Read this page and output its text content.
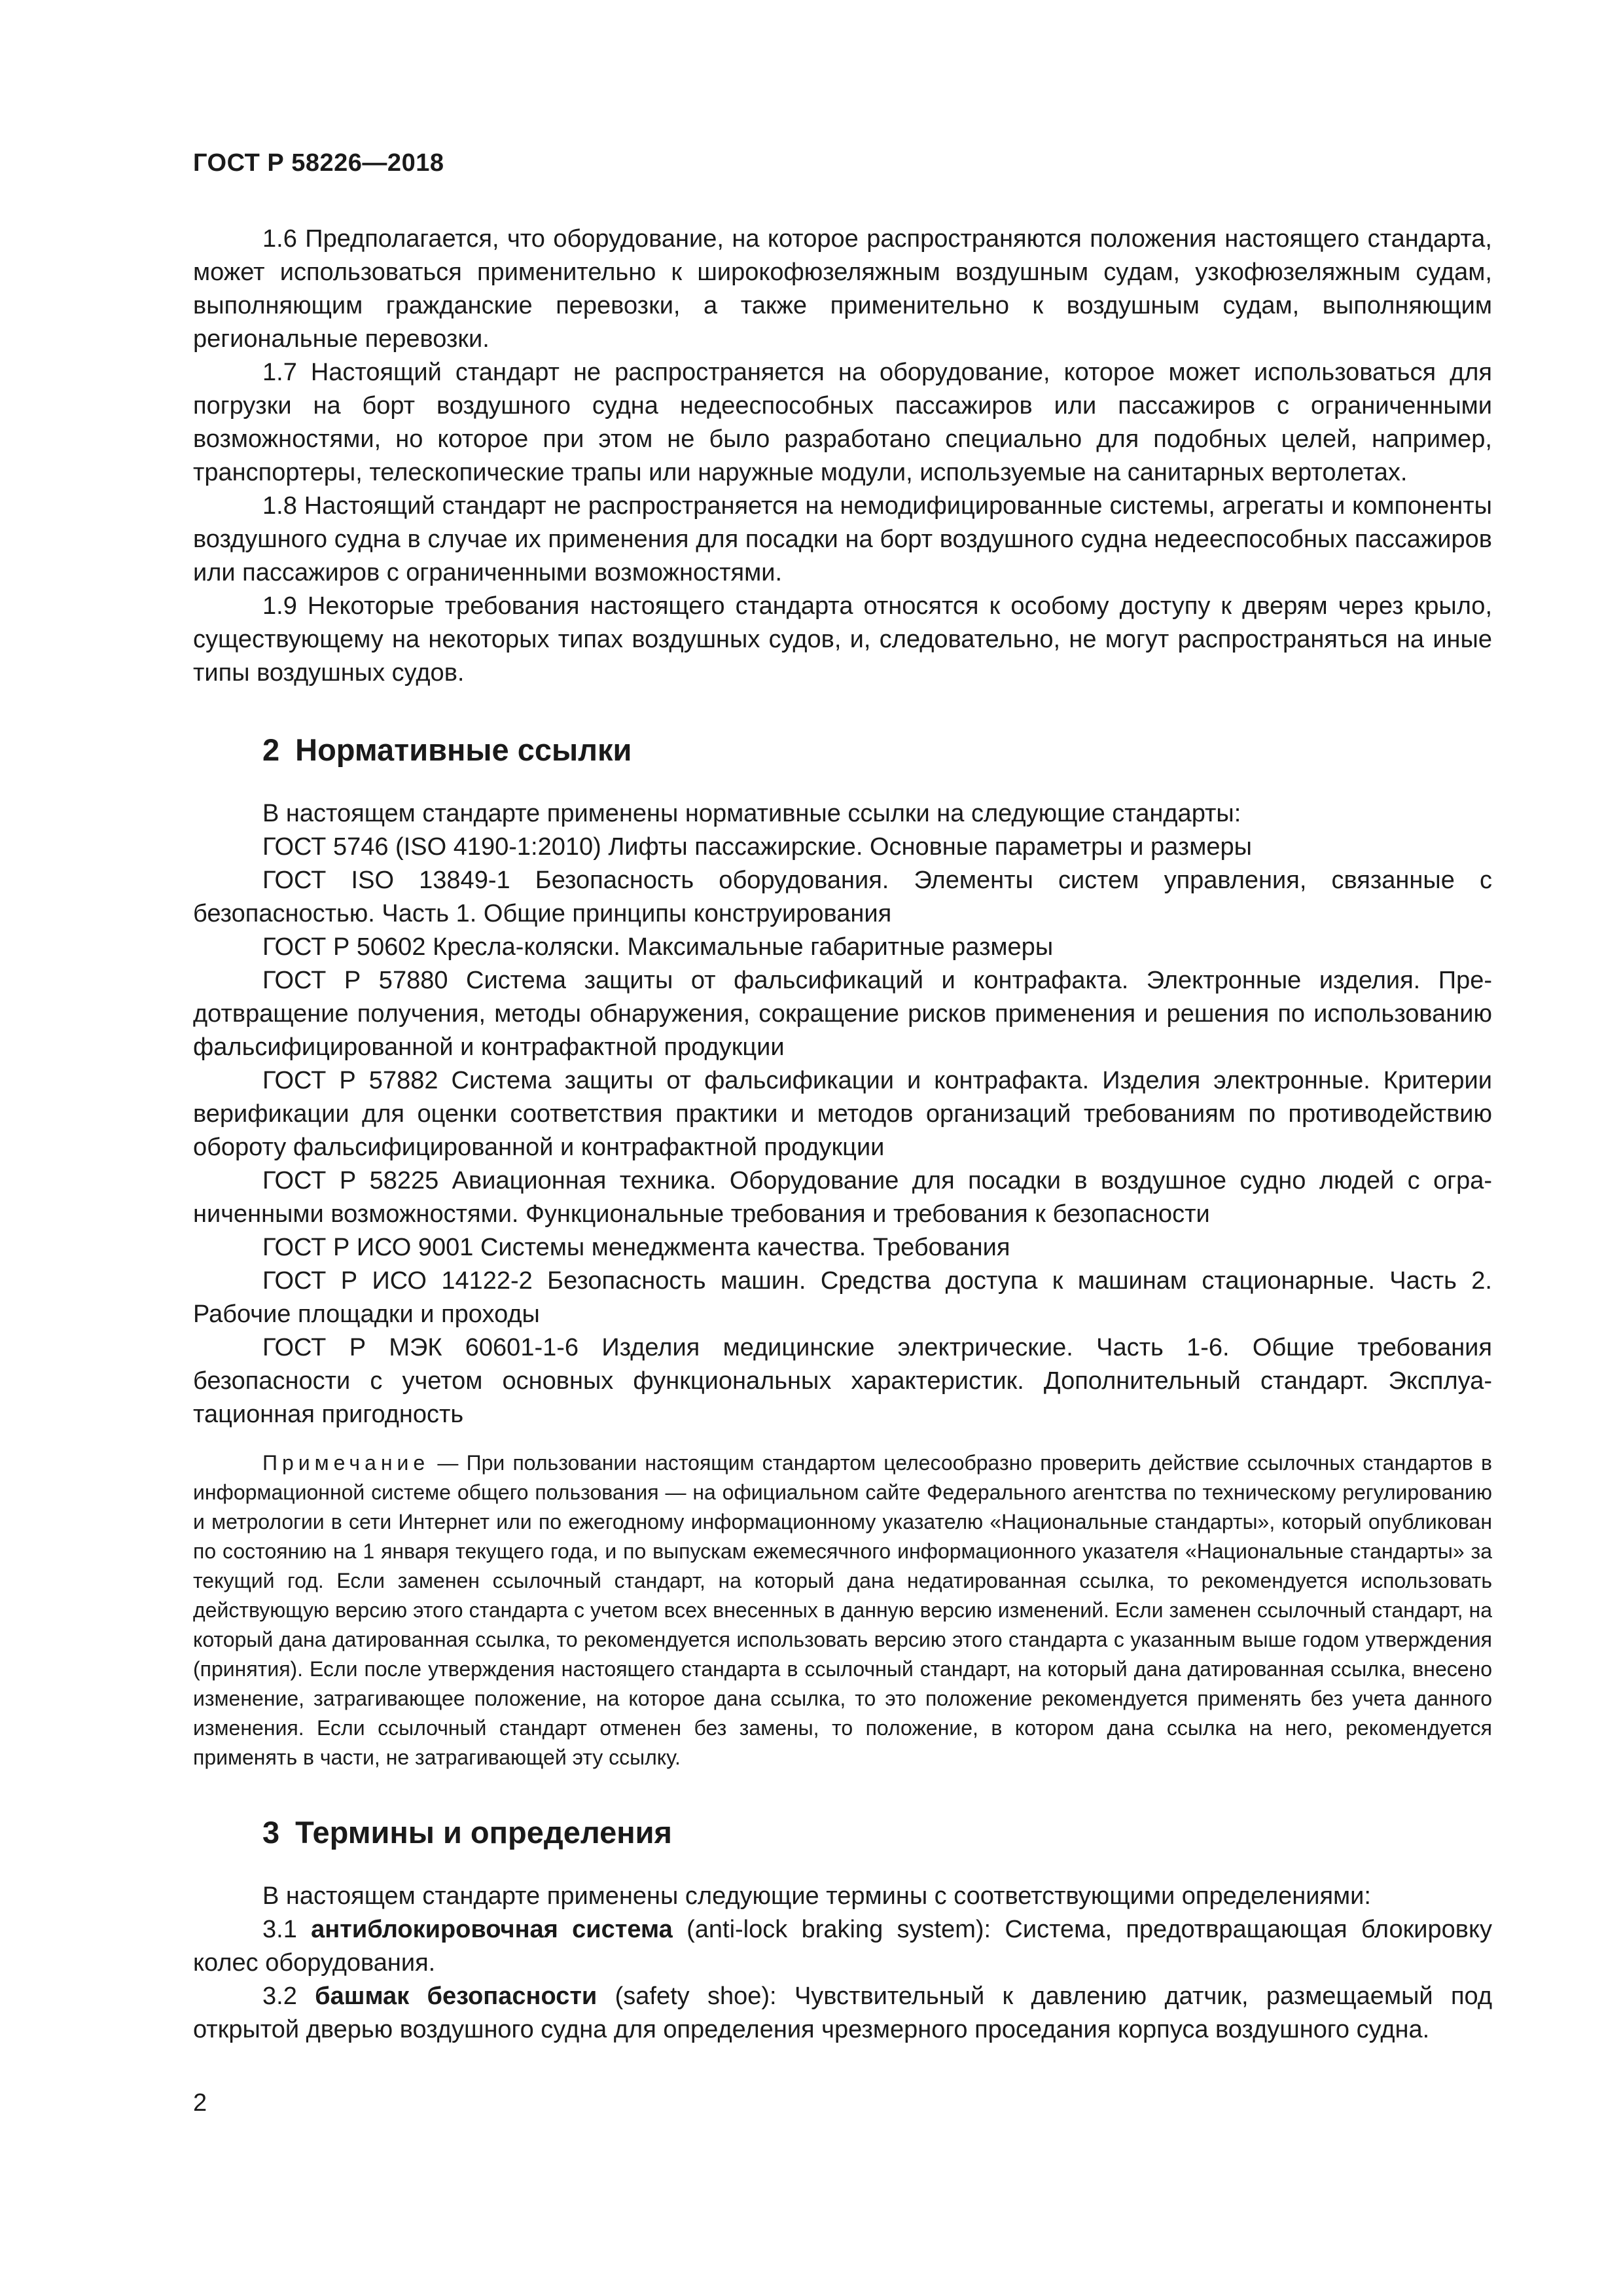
ГОСТ Р 58226—2018

1.6 Предполагается, что оборудование, на которое распространяются положения настоящего стандарта, может использоваться применительно к широкофюзеляжным воздушным судам, узкофюзеляжным судам, выполняющим гражданские перевозки, а также применительно к воздушным судам, выполняющим региональные перевозки.

1.7 Настоящий стандарт не распространяется на оборудование, которое может использоваться для погрузки на борт воздушного судна недееспособных пассажиров или пассажиров с ограниченными возможностями, но которое при этом не было разработано специально для подобных целей, например, транспортеры, телескопические трапы или наружные модули, используемые на санитарных вертолетах.

1.8 Настоящий стандарт не распространяется на немодифицированные системы, агрегаты и компоненты воздушного судна в случае их применения для посадки на борт воздушного судна недееспособных пассажиров или пассажиров с ограниченными возможностями.

1.9 Некоторые требования настоящего стандарта относятся к особому доступу к дверям через крыло, существующему на некоторых типах воздушных судов, и, следовательно, не могут распространяться на иные типы воздушных судов.

2 Нормативные ссылки

В настоящем стандарте применены нормативные ссылки на следующие стандарты:

ГОСТ 5746 (ISO 4190-1:2010) Лифты пассажирские. Основные параметры и размеры

ГОСТ ISO 13849-1 Безопасность оборудования. Элементы систем управления, связанные с безопасностью. Часть 1. Общие принципы конструирования

ГОСТ Р 50602 Кресла-коляски. Максимальные габаритные размеры

ГОСТ Р 57880 Система защиты от фальсификаций и контрафакта. Электронные изделия. Предотвращение получения, методы обнаружения, сокращение рисков применения и решения по использованию фальсифицированной и контрафактной продукции

ГОСТ Р 57882 Система защиты от фальсификации и контрафакта. Изделия электронные. Критерии верификации для оценки соответствия практики и методов организаций требованиям по противодействию обороту фальсифицированной и контрафактной продукции

ГОСТ Р 58225 Авиационная техника. Оборудование для посадки в воздушное судно людей с ограниченными возможностями. Функциональные требования и требования к безопасности

ГОСТ Р ИСО 9001 Системы менеджмента качества. Требования

ГОСТ Р ИСО 14122-2 Безопасность машин. Средства доступа к машинам стационарные. Часть 2. Рабочие площадки и проходы

ГОСТ Р МЭК 60601-1-6 Изделия медицинские электрические. Часть 1-6. Общие требования безопасности с учетом основных функциональных характеристик. Дополнительный стандарт. Эксплуатационная пригодность

Примечание — При пользовании настоящим стандартом целесообразно проверить действие ссылочных стандартов в информационной системе общего пользования — на официальном сайте Федерального агентства по техническому регулированию и метрологии в сети Интернет или по ежегодному информационному указателю «Национальные стандарты», который опубликован по состоянию на 1 января текущего года, и по выпускам ежемесячного информационного указателя «Национальные стандарты» за текущий год. Если заменен ссылочный стандарт, на который дана недатированная ссылка, то рекомендуется использовать действующую версию этого стандарта с учетом всех внесенных в данную версию изменений. Если заменен ссылочный стандарт, на который дана датированная ссылка, то рекомендуется использовать версию этого стандарта с указанным выше годом утверждения (принятия). Если после утверждения настоящего стандарта в ссылочный стандарт, на который дана датированная ссылка, внесено изменение, затрагивающее положение, на которое дана ссылка, то это положение рекомендуется применять без учета данного изменения. Если ссылочный стандарт отменен без замены, то положение, в котором дана ссылка на него, рекомендуется применять в части, не затрагивающей эту ссылку.

3 Термины и определения

В настоящем стандарте применены следующие термины с соответствующими определениями:

3.1 антиблокировочная система (anti-lock braking system): Система, предотвращающая блокировку колес оборудования.

3.2 башмак безопасности (safety shoe): Чувствительный к давлению датчик, размещаемый под открытой дверью воздушного судна для определения чрезмерного проседания корпуса воздушного судна.

2
